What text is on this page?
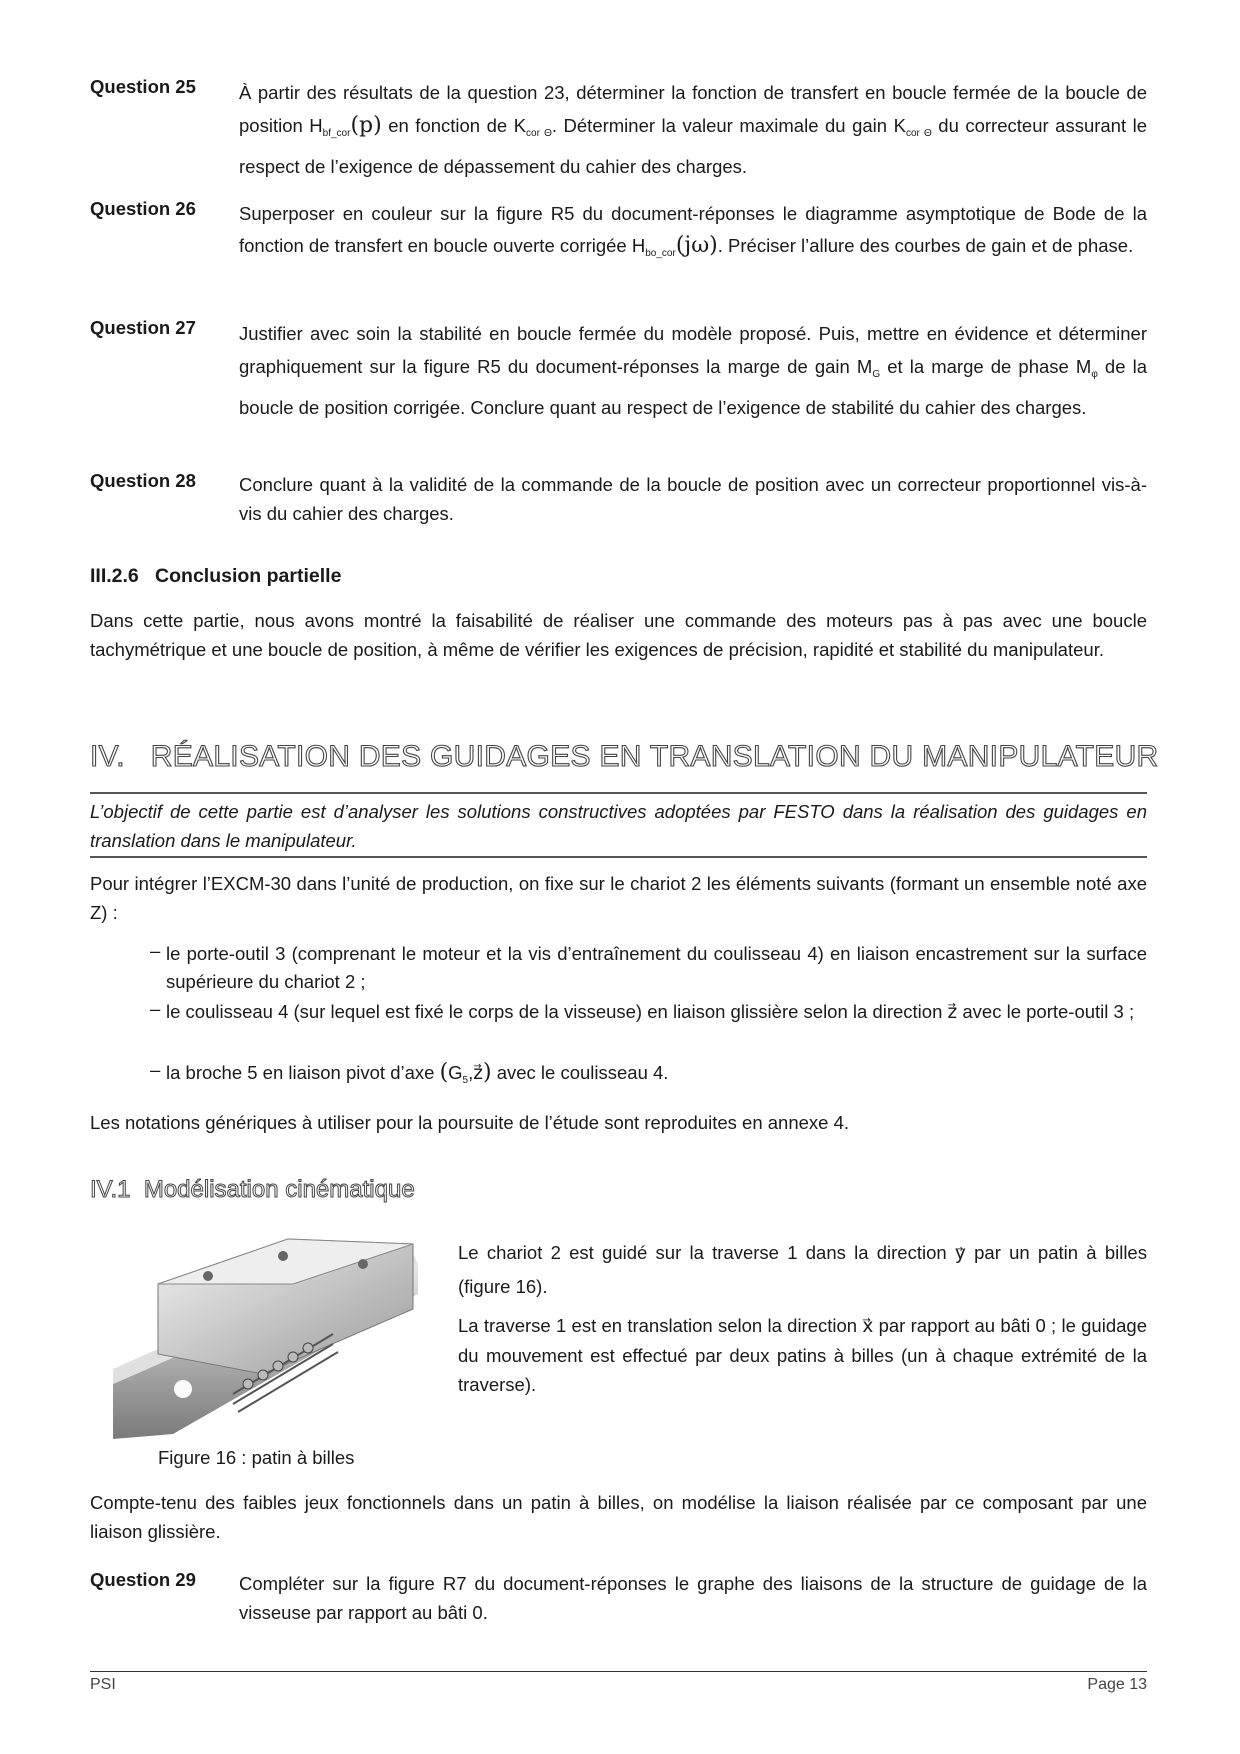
Question 25 À partir des résultats de la question 23, déterminer la fonction de transfert en boucle fermée de la boucle de position $H_{bf\_cor}(p)$ en fonction de $K_{cor \Theta}$. Déterminer la valeur maximale du gain $K_{cor \Theta}$ du correcteur assurant le respect de l’exigence de dépassement du cahier des charges.
Question 26 Superposer en couleur sur la figure R5 du document-réponses le diagramme asymptotique de Bode de la fonction de transfert en boucle ouverte corrigée $H_{bo\_cor}(j\omega)$. Préciser l’allure des courbes de gain et de phase.
Question 27 Justifier avec soin la stabilité en boucle fermée du modèle proposé. Puis, mettre en évidence et déterminer graphiquement sur la figure R5 du document-réponses la marge de gain $M_G$ et la marge de phase $M_\varphi$ de la boucle de position corrigée. Conclure quant au respect de l’exigence de stabilité du cahier des charges.
Question 28 Conclure quant à la validité de la commande de la boucle de position avec un correcteur proportionnel vis-à-vis du cahier des charges.
III.2.6 Conclusion partielle
Dans cette partie, nous avons montré la faisabilité de réaliser une commande des moteurs pas à pas avec une boucle tachymétrique et une boucle de position, à même de vérifier les exigences de précision, rapidité et stabilité du manipulateur.
IV. RÉALISATION DES GUIDAGES EN TRANSLATION DU MANIPULATEUR
L’objectif de cette partie est d’analyser les solutions constructives adoptées par FESTO dans la réalisation des guidages en translation dans le manipulateur.
Pour intégrer l’EXCM-30 dans l’unité de production, on fixe sur le chariot 2 les éléments suivants (formant un ensemble noté axe Z) :
– le porte-outil 3 (comprenant le moteur et la vis d’entraînement du coulisseau 4) en liaison encastrement sur la surface supérieure du chariot 2 ;
– le coulisseau 4 (sur lequel est fixé le corps de la visseuse) en liaison glissière selon la direction → z avec le porte-outil 3 ;
– la broche 5 en liaison pivot d’axe $(G_5,\to z)$ avec le coulisseau 4.
Les notations génériques à utiliser pour la poursuite de l’étude sont reproduites en annexe 4.
IV.1 Modélisation cinématique
Le chariot 2 est guidé sur la traverse 1 dans la direction → y par un patin à billes (figure 16).
La traverse 1 est en translation selon la direction → x par rapport au bâti 0 ; le guidage du mouvement est effectué par deux patins à billes (un à chaque extrémité de la traverse).
Figure 16 : patin à billes
Compte-tenu des faibles jeux fonctionnels dans un patin à billes, on modélise la liaison réalisée par ce composant par une liaison glissière.
Question 29 Compléter sur la figure R7 du document-réponses le graphe des liaisons de la structure de guidage de la visseuse par rapport au bâti 0.
PSI	Page 13
